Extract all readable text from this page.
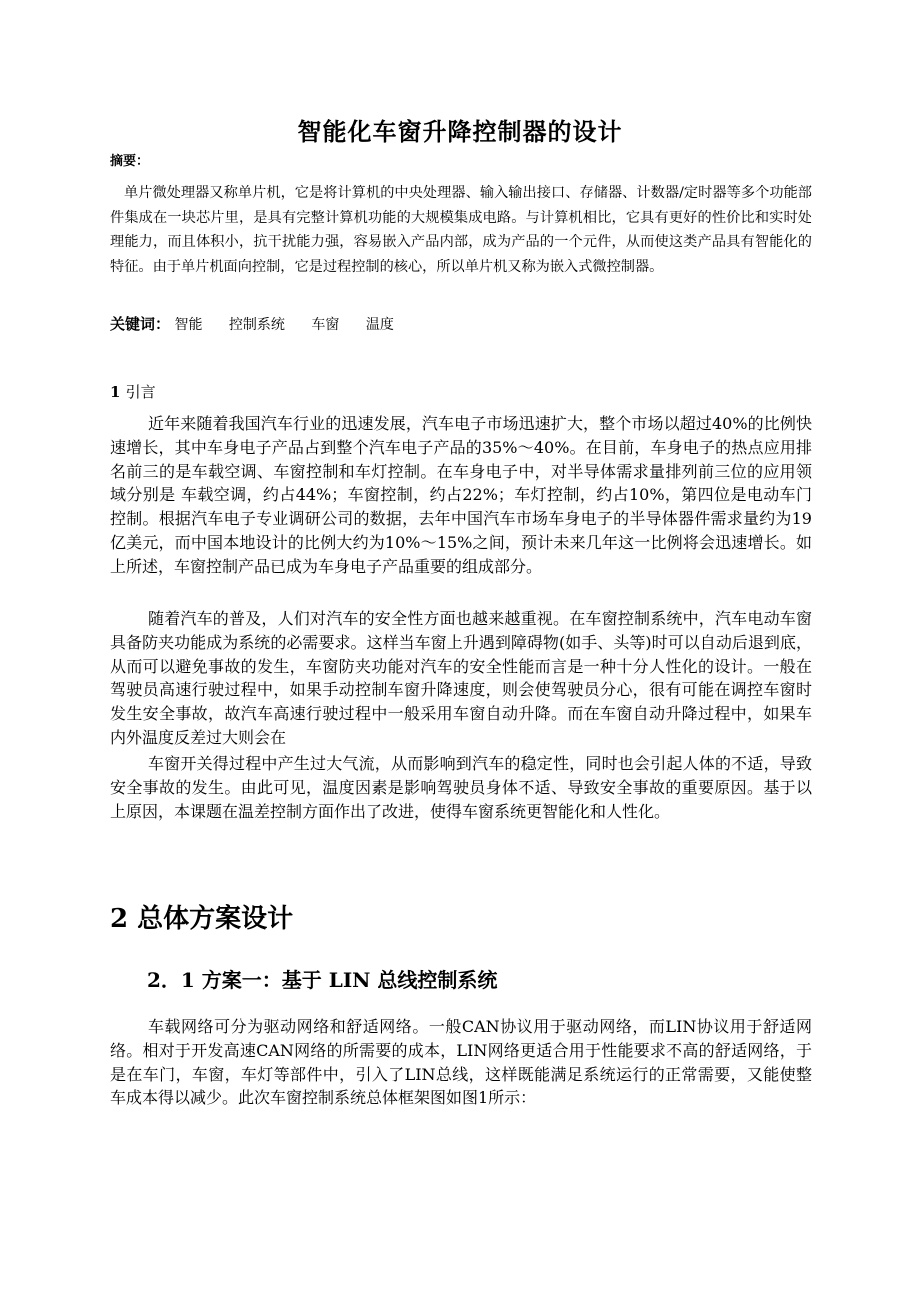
智能化车窗升降控制器的设计
摘要：

单片微处理器又称单片机，它是将计算机的中央处理器、输入输出接口、存储器、计数器/定时器等多个功能部件集成在一块芯片里，是具有完整计算机功能的大规模集成电路。与计算机相比，它具有更好的性价比和实时处理能力，而且体积小，抗干扰能力强，容易嵌入产品内部，成为产品的一个元件，从而使这类产品具有智能化的特征。由于单片机面向控制，它是过程控制的核心，所以单片机又称为嵌入式微控制器。

关键词： 智能 控制系统 车窗 温度
1 引言

近年来随着我国汽车行业的迅速发展，汽车电子市场迅速扩大，整个市场以超过40%的比例快速增长，其中车身电子产品占到整个汽车电子产品的35%～40%。在目前，车身电子的热点应用排名前三的是车载空调、车窗控制和车灯控制。在车身电子中，对半导体需求量排列前三位的应用领域分别是 车载空调，约占44%；车窗控制，约占22%；车灯控制，约占10%，第四位是电动车门控制。根据汽车电子专业调研公司的数据，去年中国汽车市场车身电子的半导体器件需求量约为19亿美元，而中国本地设计的比例大约为10%～15%之间，预计未来几年这一比例将会迅速增长。如上所述，车窗控制产品已成为车身电子产品重要的组成部分。

随着汽车的普及，人们对汽车的安全性方面也越来越重视。在车窗控制系统中，汽车电动车窗具备防夹功能成为系统的必需要求。这样当车窗上升遇到障碍物(如手、头等)时可以自动后退到底，从而可以避免事故的发生，车窗防夹功能对汽车的安全性能而言是一种十分人性化的设计。一般在驾驶员高速行驶过程中，如果手动控制车窗升降速度，则会使驾驶员分心，很有可能在调控车窗时发生安全事故，故汽车高速行驶过程中一般采用车窗自动升降。而在车窗自动升降过程中，如果车内外温度反差过大则会在

车窗开关得过程中产生过大气流，从而影响到汽车的稳定性，同时也会引起人体的不适，导致安全事故的发生。由此可见，温度因素是影响驾驶员身体不适、导致安全事故的重要原因。基于以上原因，本课题在温差控制方面作出了改进，使得车窗系统更智能化和人性化。

2 总体方案设计
2．1 方案一：基于 LIN 总线控制系统

车载网络可分为驱动网络和舒适网络。一般CAN协议用于驱动网络，而LIN协议用于舒适网络。相对于开发高速CAN网络的所需要的成本，LIN网络更适合用于性能要求不高的舒适网络，于是在车门，车窗，车灯等部件中，引入了LIN总线，这样既能满足系统运行的正常需要，又能使整车成本得以减少。此次车窗控制系统总体框架图如图1所示：
